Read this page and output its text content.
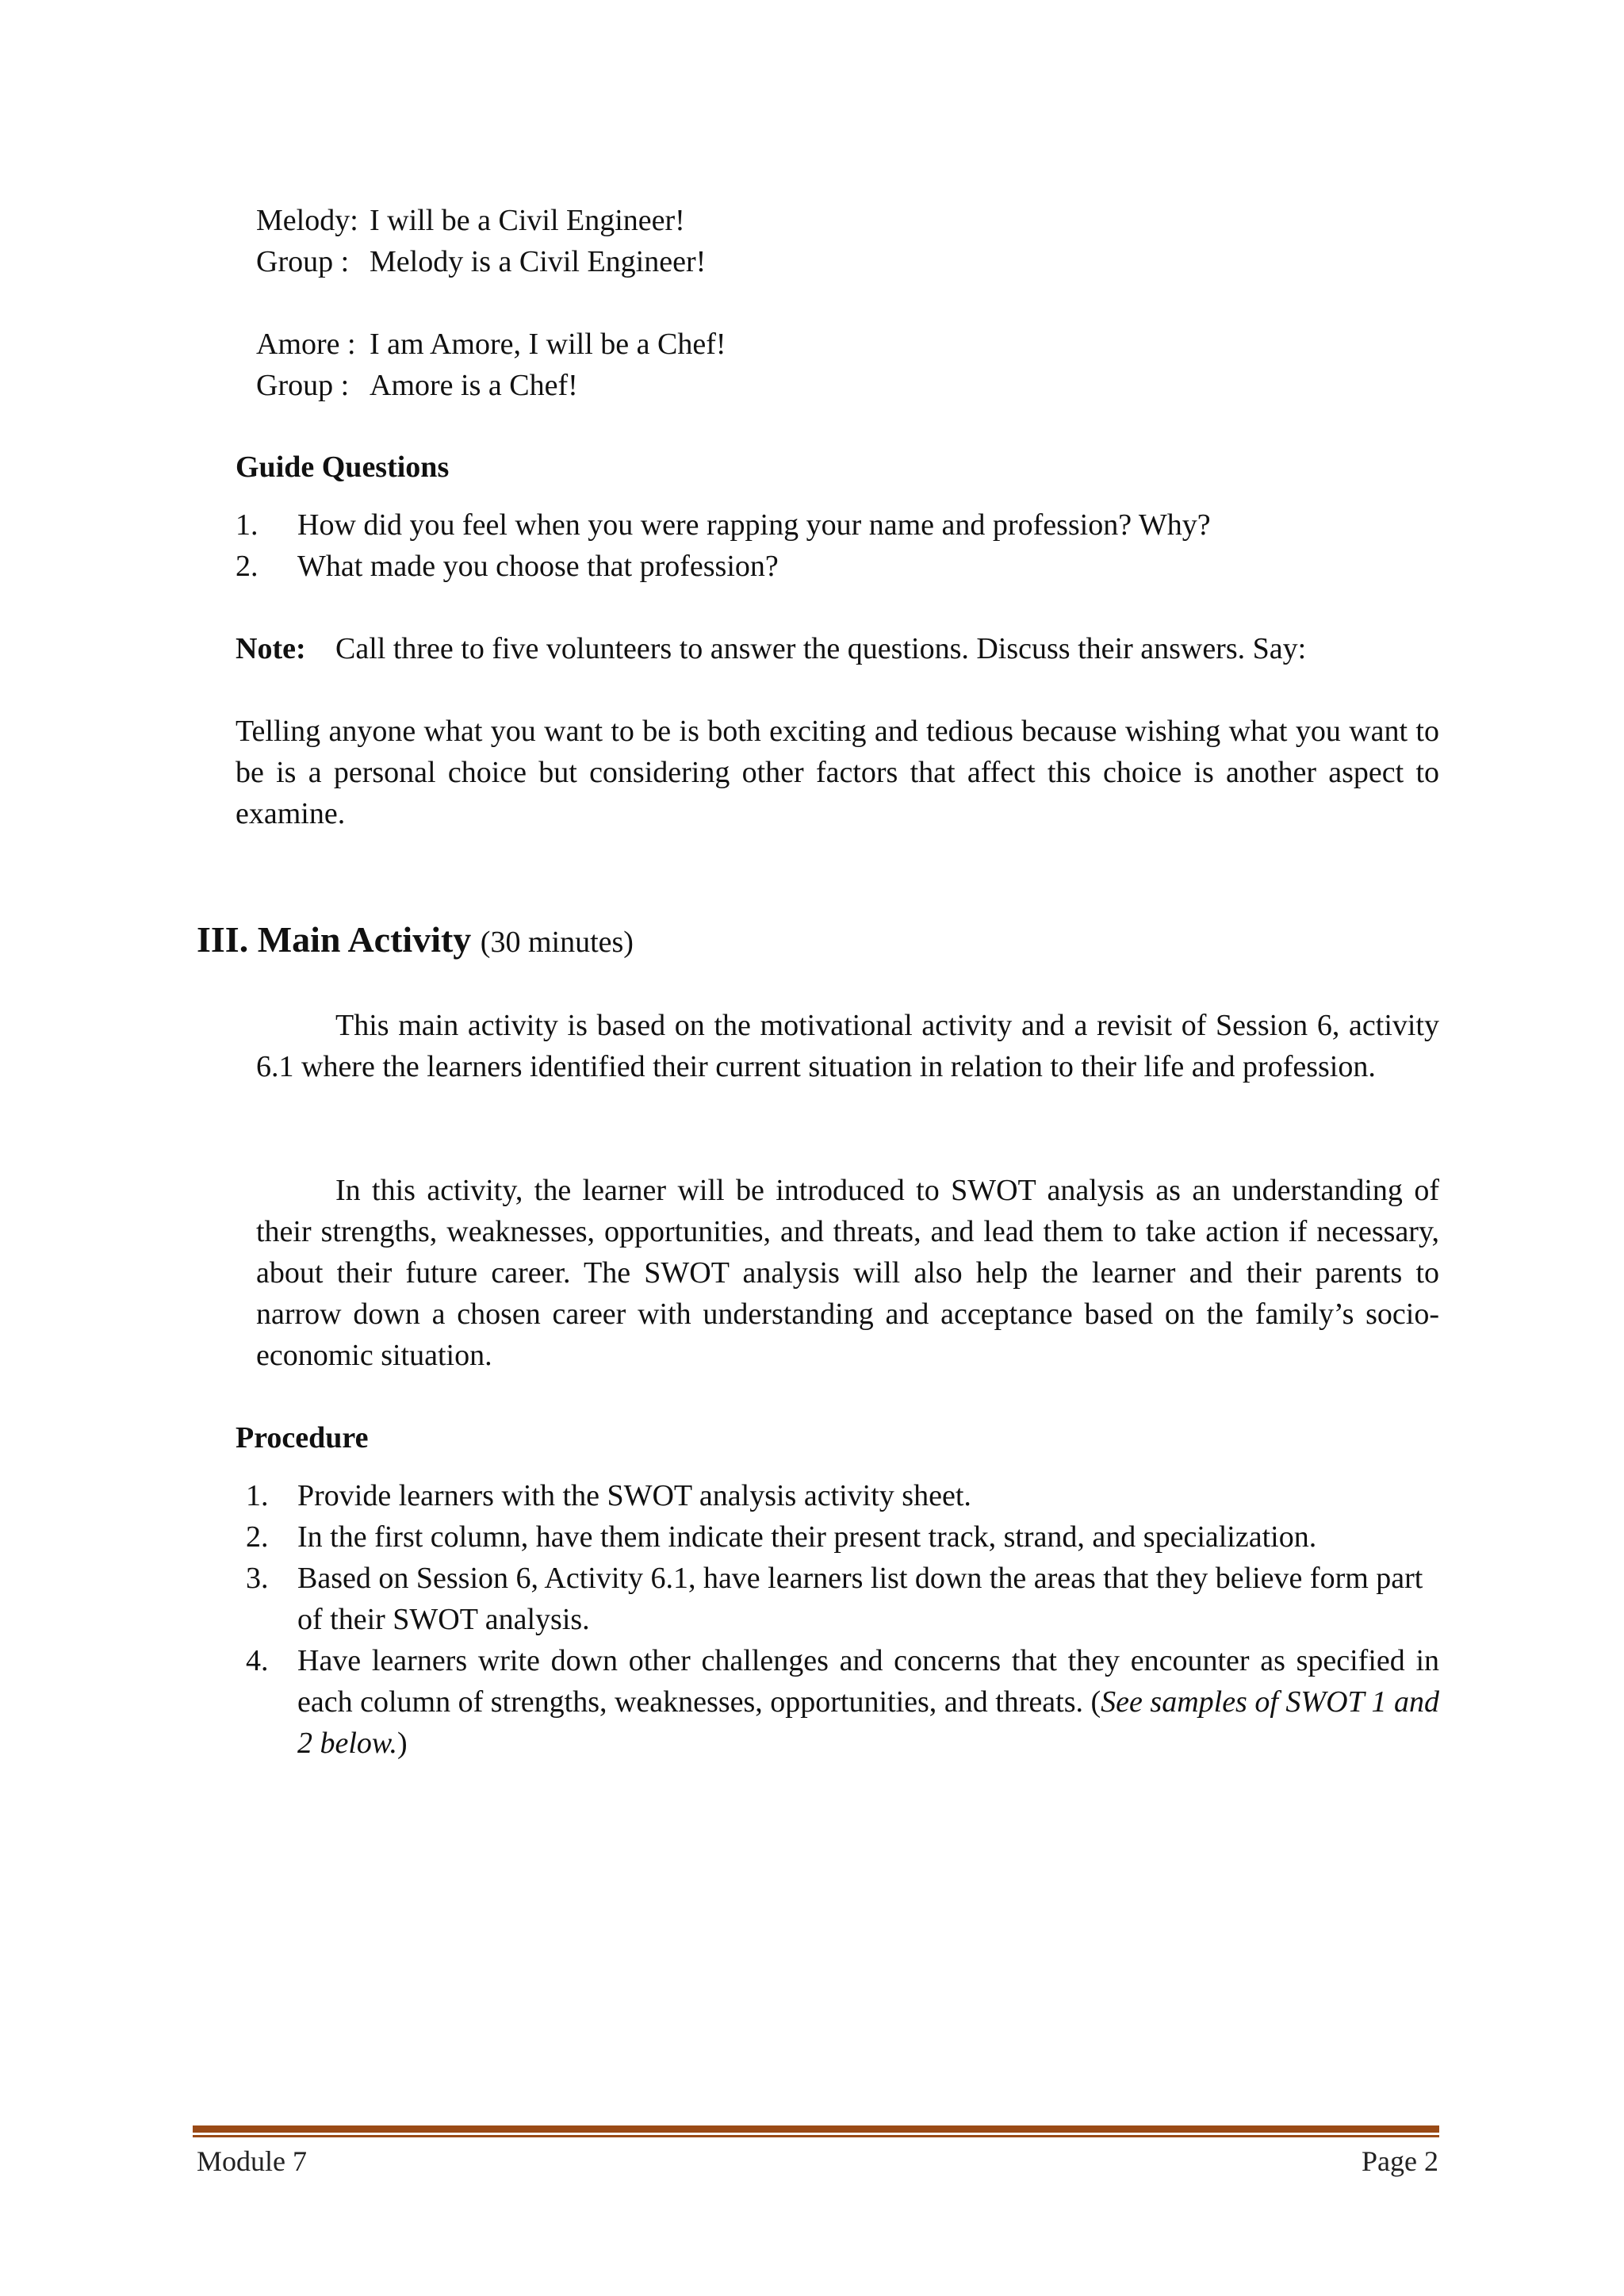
Melody: I will be a Civil Engineer!
Group : Melody is a Civil Engineer!
Amore : I am Amore, I will be a Chef!
Group : Amore is a Chef!
Guide Questions
1.	How did you feel when you were rapping your name and profession? Why?
2.	What made you choose that profession?
Note: Call three to five volunteers to answer the questions. Discuss their answers. Say:
Telling anyone what you want to be is both exciting and tedious because wishing what you want to be is a personal choice but considering other factors that affect this choice is another aspect to examine.
III. Main Activity (30 minutes)
This main activity is based on the motivational activity and a revisit of Session 6, activity 6.1 where the learners identified their current situation in relation to their life and profession.
In this activity, the learner will be introduced to SWOT analysis as an understanding of their strengths, weaknesses, opportunities, and threats, and lead them to take action if necessary, about their future career. The SWOT analysis will also help the learner and their parents to narrow down a chosen career with understanding and acceptance based on the family’s socio-economic situation.
Procedure
1. Provide learners with the SWOT analysis activity sheet.
2. In the first column, have them indicate their present track, strand, and specialization.
3. Based on Session 6, Activity 6.1, have learners list down the areas that they believe form part of their SWOT analysis.
4. Have learners write down other challenges and concerns that they encounter as specified in each column of strengths, weaknesses, opportunities, and threats. (See samples of SWOT 1 and 2 below.)
Module 7	Page 2
